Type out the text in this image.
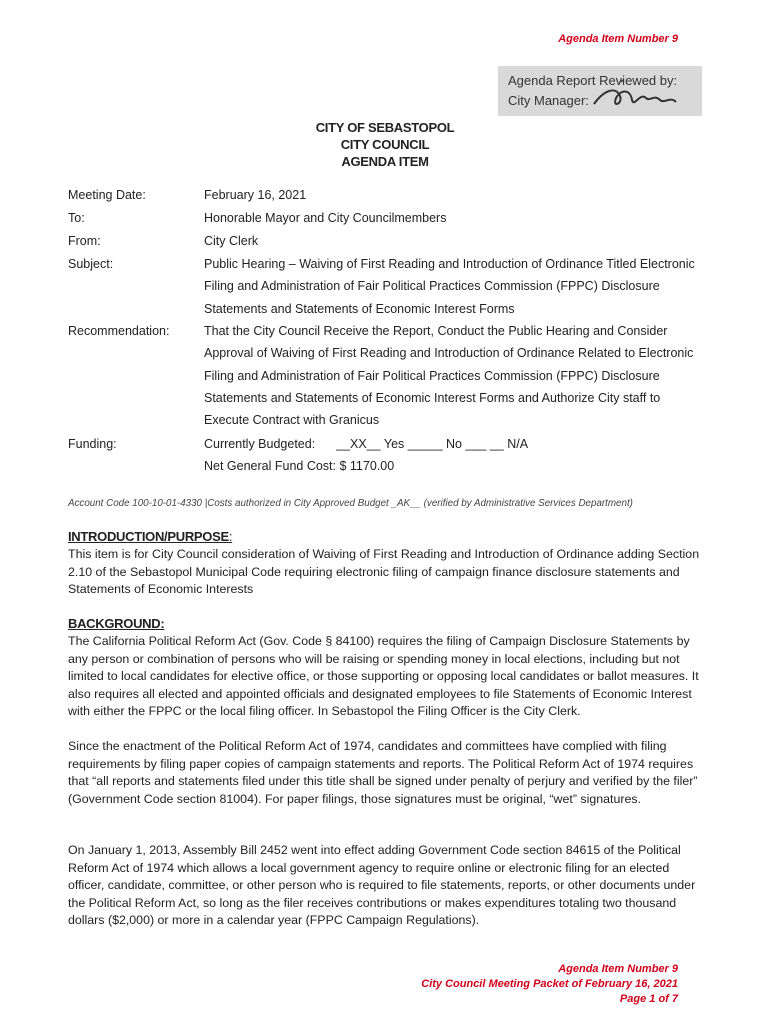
Agenda Item Number 9
Agenda Report Reviewed by:
City Manager:
CITY OF SEBASTOPOL
CITY COUNCIL
AGENDA ITEM
Meeting Date:	February 16, 2021
To:	Honorable Mayor and City Councilmembers
From:	City Clerk
Subject:	Public Hearing – Waiving of First Reading and Introduction of Ordinance Titled Electronic Filing and Administration of Fair Political Practices Commission (FPPC) Disclosure Statements and Statements of Economic Interest Forms
Recommendation:	That the City Council Receive the Report, Conduct the Public Hearing and Consider Approval of Waiving of First Reading and Introduction of Ordinance Related to Electronic Filing and Administration of Fair Political Practices Commission (FPPC) Disclosure Statements and Statements of Economic Interest Forms and Authorize City staff to Execute Contract with Granicus
Funding:	Currently Budgeted: __XX__ Yes _____ No ___ __ N/A
Net General Fund Cost: $ 1170.00
Account Code 100-10-01-4330 |Costs authorized in City Approved Budget _AK__ (verified by Administrative Services Department)
INTRODUCTION/PURPOSE:
This item is for City Council consideration of Waiving of First Reading and Introduction of Ordinance adding Section 2.10 of the Sebastopol Municipal Code requiring electronic filing of campaign finance disclosure statements and Statements of Economic Interests
BACKGROUND:
The California Political Reform Act (Gov. Code § 84100) requires the filing of Campaign Disclosure Statements by any person or combination of persons who will be raising or spending money in local elections, including but not limited to local candidates for elective office, or those supporting or opposing local candidates or ballot measures. It also requires all elected and appointed officials and designated employees to file Statements of Economic Interest with either the FPPC or the local filing officer. In Sebastopol the Filing Officer is the City Clerk.
Since the enactment of the Political Reform Act of 1974, candidates and committees have complied with filing requirements by filing paper copies of campaign statements and reports. The Political Reform Act of 1974 requires that “all reports and statements filed under this title shall be signed under penalty of perjury and verified by the filer” (Government Code section 81004). For paper filings, those signatures must be original, “wet” signatures.
On January 1, 2013, Assembly Bill 2452 went into effect adding Government Code section 84615 of the Political Reform Act of 1974 which allows a local government agency to require online or electronic filing for an elected officer, candidate, committee, or other person who is required to file statements, reports, or other documents under the Political Reform Act, so long as the filer receives contributions or makes expenditures totaling two thousand dollars ($2,000) or more in a calendar year (FPPC Campaign Regulations).
Agenda Item Number 9
City Council Meeting Packet of February 16, 2021
Page 1 of 7
